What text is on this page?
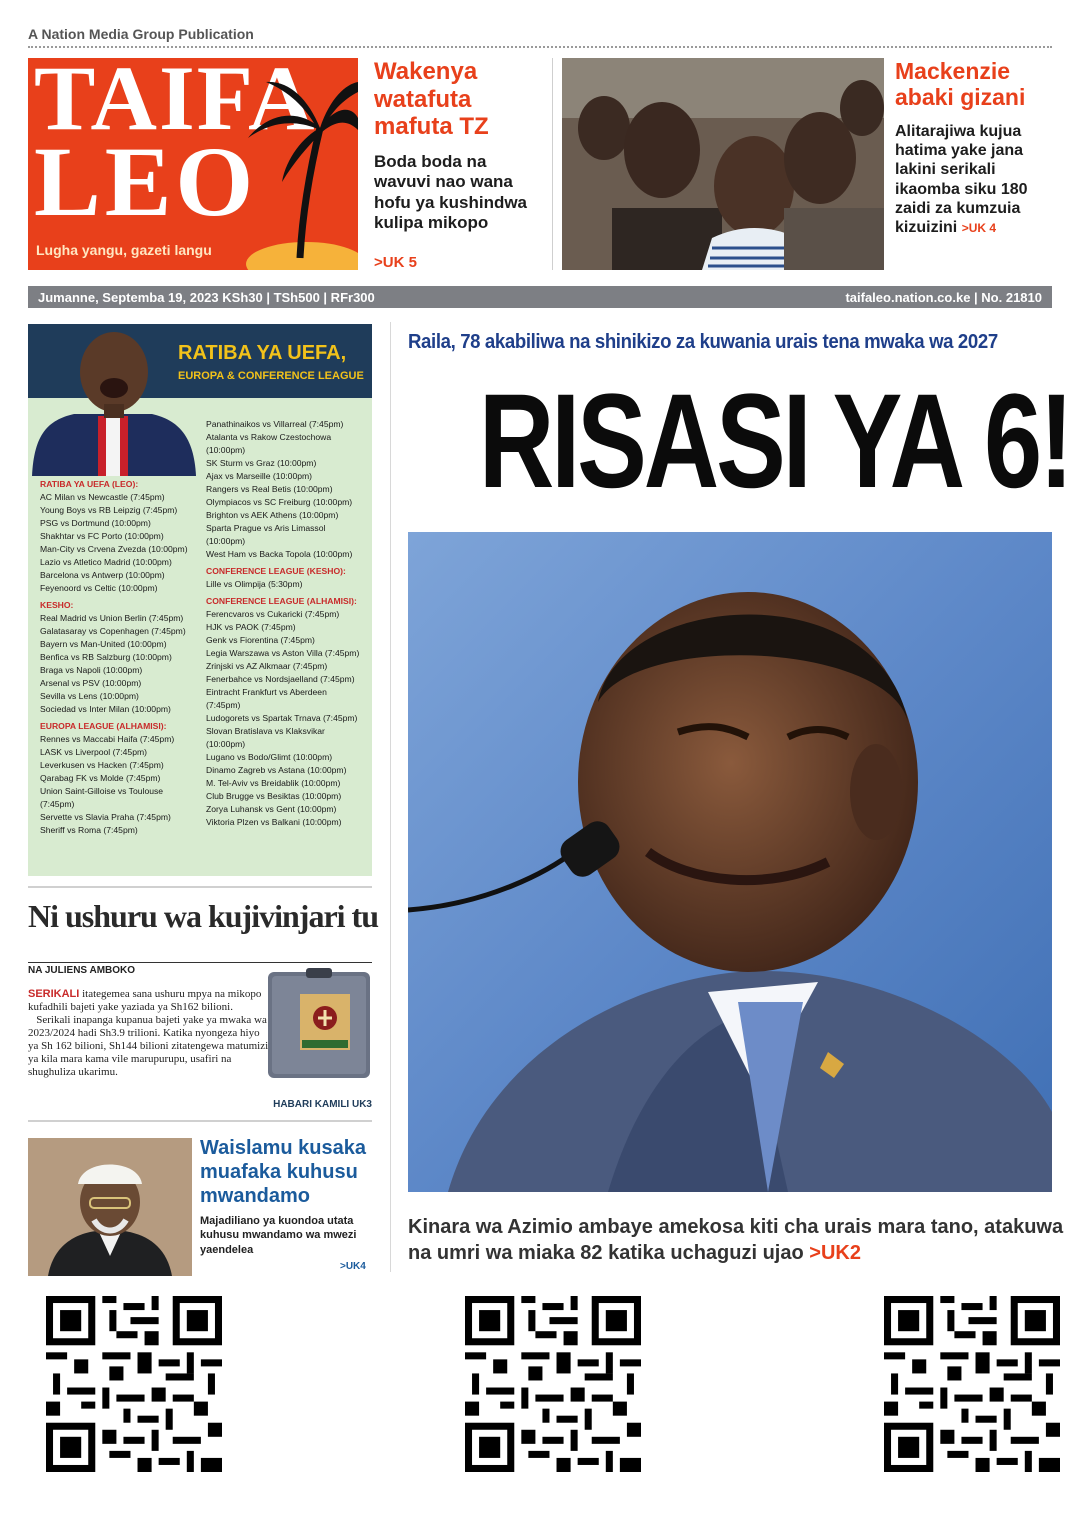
A Nation Media Group Publication
TAIFA
LEO
Lugha yangu, gazeti langu
Wakenya watafuta mafuta TZ
Boda boda na wavuvi nao wana hofu ya kushindwa kulipa mikopo
>UK 5
Mackenzie abaki gizani
Alitarajiwa kujua hatima yake jana lakini serikali ikaomba siku 180 zaidi za kumzuia kizuizini >UK 4
Jumanne, Septemba 19, 2023 KSh30 | TSh500 | RFr300	taifaleo.nation.co.ke | No. 21810
RATIBA YA UEFA,
EUROPA & CONFERENCE LEAGUE
RATIBA YA UEFA (LEO):
AC Milan vs Newcastle (7:45pm)
Young Boys vs RB Leipzig (7:45pm)
PSG vs Dortmund (10:00pm)
Shakhtar vs FC Porto (10:00pm)
Man-City vs Crvena Zvezda (10:00pm)
Lazio vs Atletico Madrid (10:00pm)
Barcelona vs Antwerp (10:00pm)
Feyenoord vs Celtic (10:00pm)
KESHO:
Real Madrid vs Union Berlin (7:45pm)
Galatasaray vs Copenhagen (7:45pm)
Bayern vs Man-United (10:00pm)
Benfica vs RB Salzburg (10:00pm)
Braga vs Napoli (10:00pm)
Arsenal vs PSV (10:00pm)
Sevilla vs Lens (10:00pm)
Sociedad vs Inter Milan (10:00pm)
EUROPA LEAGUE (ALHAMISI):
Rennes vs Maccabi Haifa (7:45pm)
LASK vs Liverpool (7:45pm)
Leverkusen vs Hacken (7:45pm)
Qarabag FK vs Molde (7:45pm)
Union Saint-Gilloise vs Toulouse
(7:45pm)
Servette vs Slavia Praha (7:45pm)
Sheriff vs Roma (7:45pm)
Panathinaikos vs Villarreal (7:45pm)
Atalanta vs Rakow Czestochowa
(10:00pm)
SK Sturm vs Graz (10:00pm)
Ajax vs Marseille (10:00pm)
Rangers vs Real Betis (10:00pm)
Olympiacos vs SC Freiburg (10:00pm)
Brighton vs AEK Athens (10:00pm)
Sparta Prague vs Aris Limassol
(10:00pm)
West Ham vs Backa Topola (10:00pm)
CONFERENCE LEAGUE (KESHO):
Lille vs Olimpija (5:30pm)
CONFERENCE LEAGUE (ALHAMISI):
Ferencvaros vs Cukaricki (7:45pm)
HJK vs PAOK (7:45pm)
Genk vs Fiorentina (7:45pm)
Legia Warszawa vs Aston Villa (7:45pm)
Zrinjski vs AZ Alkmaar (7:45pm)
Fenerbahce vs Nordsjaelland (7:45pm)
Eintracht Frankfurt vs Aberdeen
(7:45pm)
Ludogorets vs Spartak Trnava (7:45pm)
Slovan Bratislava vs Klaksvikar
(10:00pm)
Lugano vs Bodo/Glimt (10:00pm)
Dinamo Zagreb vs Astana (10:00pm)
M. Tel-Aviv vs Breidablik (10:00pm)
Club Brugge vs Besiktas (10:00pm)
Zorya Luhansk vs Gent (10:00pm)
Viktoria Plzen vs Balkani (10:00pm)
Ni ushuru wa kujivinjari tu
NA JULIENS AMBOKO
SERIKALI itategemea sana ushuru mpya na mikopo kufadhili bajeti yake yaziada ya Sh162 bilioni.
Serikali inapanga kupanua bajeti yake ya mwaka wa 2023/2024 hadi Sh3.9 trilioni. Katika nyongeza hiyo ya Sh 162 bilioni, Sh144 bilioni zitatengewa matumizi ya kila mara kama vile marupurupu, usafiri na shughuliza ukarimu.
HABARI KAMILI UK3
Waislamu kusaka muafaka kuhusu mwandamo
Majadiliano ya kuondoa utata kuhusu mwandamo wa mwezi yaendelea
>UK4
Raila, 78 akabiliwa na shinikizo za kuwania urais tena mwaka wa 2027
RISASI YA 6!
Kinara wa Azimio ambaye amekosa kiti cha urais mara tano, atakuwa na umri wa miaka 82 katika uchaguzi ujao >UK2
